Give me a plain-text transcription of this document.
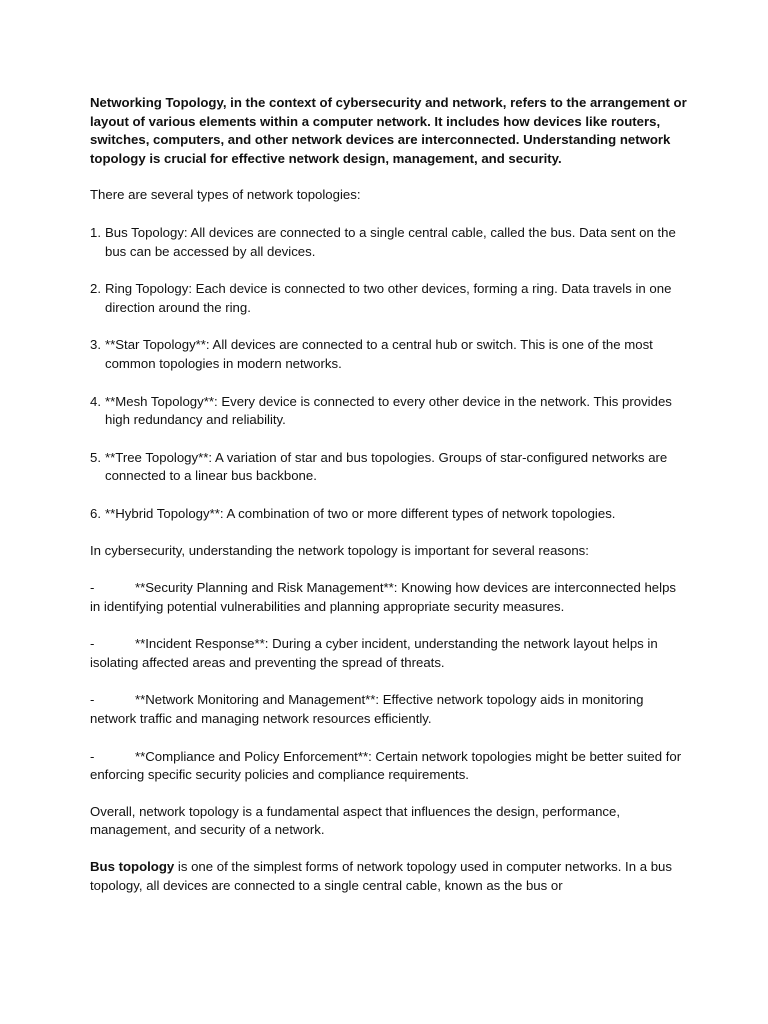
Networking Topology, in the context of cybersecurity and network, refers to the arrangement or layout of various elements within a computer network. It includes how devices like routers, switches, computers, and other network devices are interconnected. Understanding network topology is crucial for effective network design, management, and security.

There are several types of network topologies:

1. Bus Topology: All devices are connected to a single central cable, called the bus. Data sent on the bus can be accessed by all devices.
2. Ring Topology: Each device is connected to two other devices, forming a ring. Data travels in one direction around the ring.
3. **Star Topology**: All devices are connected to a central hub or switch. This is one of the most common topologies in modern networks.
4. **Mesh Topology**: Every device is connected to every other device in the network. This provides high redundancy and reliability.
5. **Tree Topology**: A variation of star and bus topologies. Groups of star-configured networks are connected to a linear bus backbone.
6. **Hybrid Topology**: A combination of two or more different types of network topologies.

In cybersecurity, understanding the network topology is important for several reasons:

-	**Security Planning and Risk Management**: Knowing how devices are interconnected helps in identifying potential vulnerabilities and planning appropriate security measures.

-	**Incident Response**: During a cyber incident, understanding the network layout helps in isolating affected areas and preventing the spread of threats.

-	**Network Monitoring and Management**: Effective network topology aids in monitoring network traffic and managing network resources efficiently.

-	**Compliance and Policy Enforcement**: Certain network topologies might be better suited for enforcing specific security policies and compliance requirements.

Overall, network topology is a fundamental aspect that influences the design, performance, management, and security of a network.

Bus topology is one of the simplest forms of network topology used in computer networks. In a bus topology, all devices are connected to a single central cable, known as the bus or
